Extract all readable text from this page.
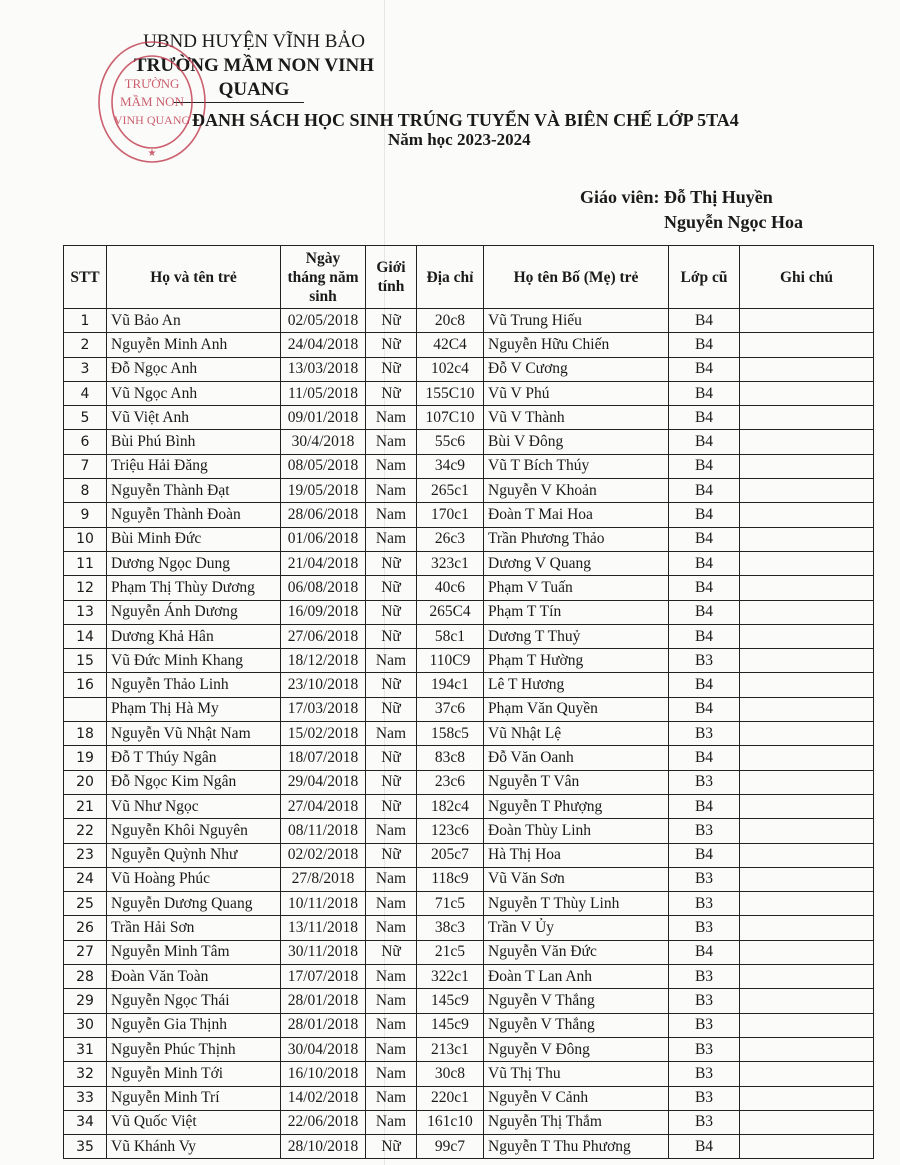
UBND HUYỆN VĨNH BẢO
TRƯỜNG MẦM NON VINH QUANG
TRƯỜNG
MẦM NON
VINH QUANG
★
ĐANH SÁCH HỌC SINH TRÚNG TUYỂN VÀ BIÊN CHẾ LỚP 5TA4
Năm học 2023-2024
Giáo viên: Đỗ Thị Huyền
Nguyễn Ngọc Hoa
STT	Họ và tên trẻ	Ngày tháng năm sinh	Giới tính	Địa chỉ	Họ tên Bố (Mẹ) trẻ	Lớp cũ	Ghi chú
1	Vũ Bảo An	02/05/2018	Nữ	20c8	Vũ Trung Hiếu	B4	
2	Nguyễn Minh Anh	24/04/2018	Nữ	42C4	Nguyễn Hữu Chiến	B4	
3	Đỗ Ngọc Anh	13/03/2018	Nữ	102c4	Đỗ V Cương	B4	
4	Vũ Ngọc Anh	11/05/2018	Nữ	155C10	Vũ V Phú	B4	
5	Vũ Việt Anh	09/01/2018	Nam	107C10	Vũ V Thành	B4	
6	Bùi Phú Bình	30/4/2018	Nam	55c6	Bùi V Đông	B4	
7	Triệu Hải Đăng	08/05/2018	Nam	34c9	Vũ T Bích Thúy	B4	
8	Nguyễn Thành Đạt	19/05/2018	Nam	265c1	Nguyễn V Khoản	B4	
9	Nguyễn Thành Đoàn	28/06/2018	Nam	170c1	Đoàn T Mai Hoa	B4	
10	Bùi Minh Đức	01/06/2018	Nam	26c3	Trần Phương Thảo	B4	
11	Dương Ngọc Dung	21/04/2018	Nữ	323c1	Dương V Quang	B4	
12	Phạm Thị Thùy Dương	06/08/2018	Nữ	40c6	Phạm V Tuấn	B4	
13	Nguyễn Ánh Dương	16/09/2018	Nữ	265C4	Phạm T Tín	B4	
14	Dương Khả Hân	27/06/2018	Nữ	58c1	Dương T Thuỷ	B4	
15	Vũ Đức Minh Khang	18/12/2018	Nam	110C9	Phạm T Hường	B3	
16	Nguyễn Thảo Linh	23/10/2018	Nữ	194c1	Lê T Hương	B4	
	Phạm Thị Hà My	17/03/2018	Nữ	37c6	Phạm Văn Quyền	B4	
18	Nguyễn Vũ Nhật Nam	15/02/2018	Nam	158c5	Vũ Nhật Lệ	B3	
19	Đỗ T Thúy Ngân	18/07/2018	Nữ	83c8	Đỗ Văn Oanh	B4	
20	Đỗ Ngọc Kim Ngân	29/04/2018	Nữ	23c6	Nguyễn T Vân	B3	
21	Vũ Như Ngọc	27/04/2018	Nữ	182c4	Nguyễn T Phượng	B4	
22	Nguyễn Khôi Nguyên	08/11/2018	Nam	123c6	Đoàn Thùy Linh	B3	
23	Nguyễn Quỳnh Như	02/02/2018	Nữ	205c7	Hà Thị Hoa	B4	
24	Vũ Hoàng Phúc	27/8/2018	Nam	118c9	Vũ Văn Sơn	B3	
25	Nguyễn Dương Quang	10/11/2018	Nam	71c5	Nguyễn T Thùy Linh	B3	
26	Trần Hải Sơn	13/11/2018	Nam	38c3	Trần V Ủy	B3	
27	Nguyễn Minh Tâm	30/11/2018	Nữ	21c5	Nguyễn Văn Đức	B4	
28	Đoàn Văn Toàn	17/07/2018	Nam	322c1	Đoàn T Lan Anh	B3	
29	Nguyễn Ngọc Thái	28/01/2018	Nam	145c9	Nguyễn V Thắng	B3	
30	Nguyễn Gia Thịnh	28/01/2018	Nam	145c9	Nguyễn V Thắng	B3	
31	Nguyễn Phúc Thịnh	30/04/2018	Nam	213c1	Nguyễn V Đông	B3	
32	Nguyễn Minh Tới	16/10/2018	Nam	30c8	Vũ Thị Thu	B3	
33	Nguyễn Minh Trí	14/02/2018	Nam	220c1	Nguyễn V Cảnh	B3	
34	Vũ Quốc Việt	22/06/2018	Nam	161c10	Nguyễn Thị Thắm	B3	
35	Vũ Khánh Vy	28/10/2018	Nữ	99c7	Nguyễn T Thu Phương	B4	
